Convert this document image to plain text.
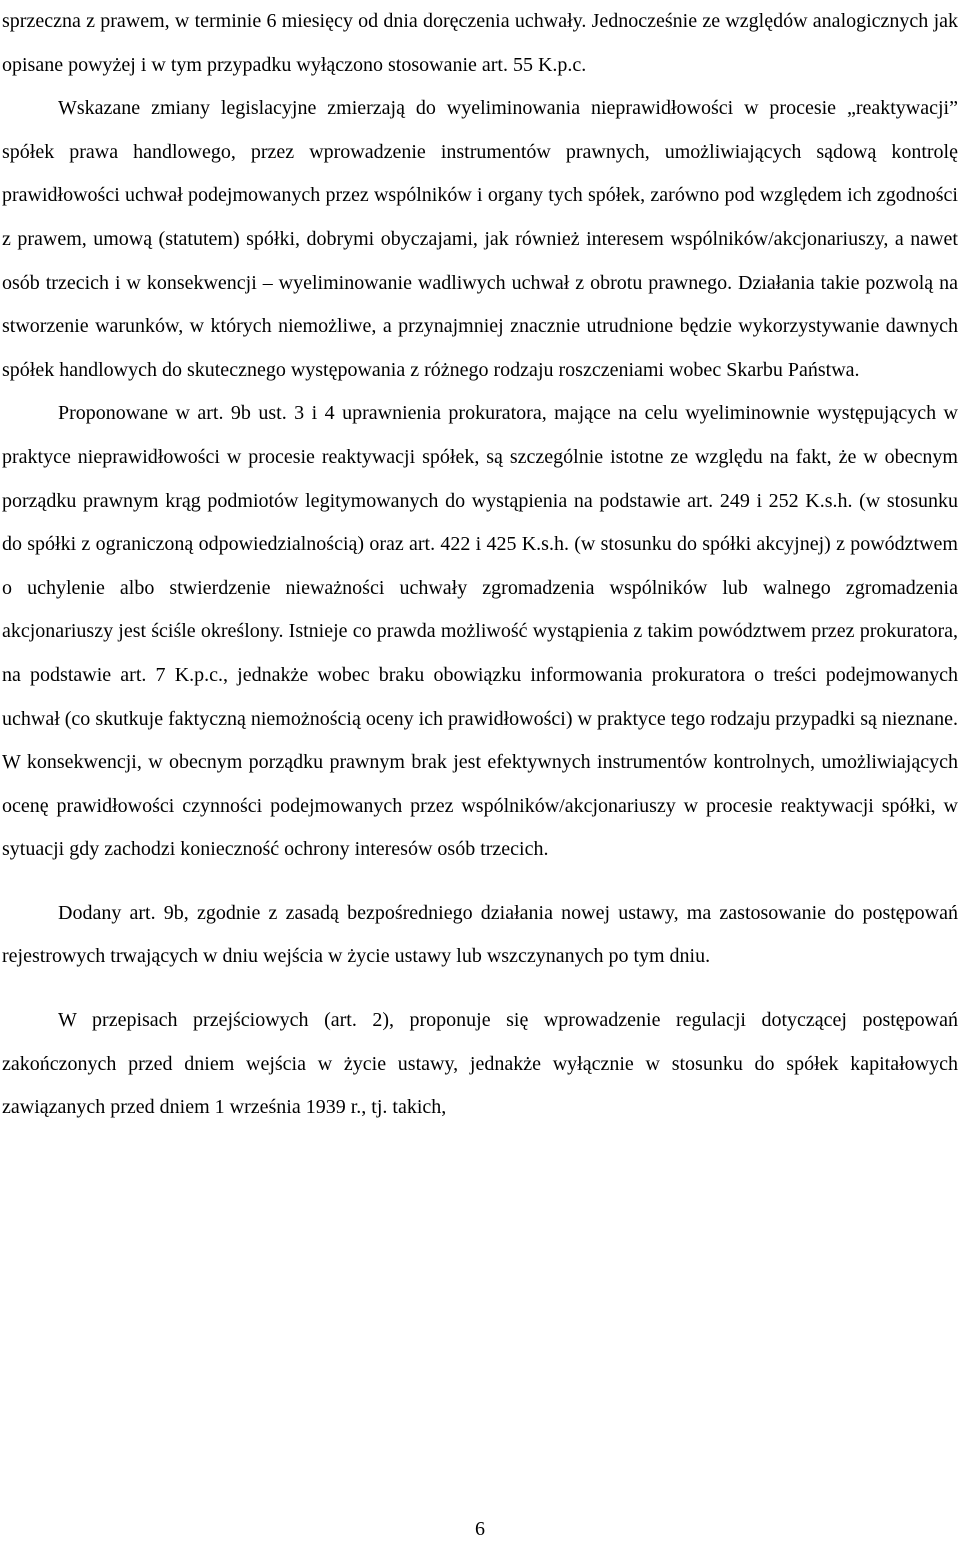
sprzeczna z prawem, w terminie 6 miesięcy od dnia doręczenia uchwały. Jednocześnie ze względów analogicznych jak opisane powyżej i w tym przypadku wyłączono stosowanie art. 55 K.p.c.

Wskazane zmiany legislacyjne zmierzają do wyeliminowania nieprawidłowości w procesie „reaktywacji” spółek prawa handlowego, przez wprowadzenie instrumentów prawnych, umożliwiających sądową kontrolę prawidłowości uchwał podejmowanych przez wspólników i organy tych spółek, zarówno pod względem ich zgodności z prawem, umową (statutem) spółki, dobrymi obyczajami, jak również interesem wspólników/akcjonariuszy, a nawet osób trzecich i w konsekwencji – wyeliminowanie wadliwych uchwał z obrotu prawnego. Działania takie pozwolą na stworzenie warunków, w których niemożliwe, a przynajmniej znacznie utrudnione będzie wykorzystywanie dawnych spółek handlowych do skutecznego występowania z różnego rodzaju roszczeniami wobec Skarbu Państwa.

Proponowane w art. 9b ust. 3 i 4 uprawnienia prokuratora, mające na celu wyeliminownie występujących w praktyce nieprawidłowości w procesie reaktywacji spółek, są szczególnie istotne ze względu na fakt, że w obecnym porządku prawnym krąg podmiotów legitymowanych do wystąpienia na podstawie art. 249 i 252 K.s.h. (w stosunku do spółki z ograniczoną odpowiedzialnością) oraz art. 422 i 425 K.s.h. (w stosunku do spółki akcyjnej) z powództwem o uchylenie albo stwierdzenie nieważności uchwały zgromadzenia wspólników lub walnego zgromadzenia akcjonariuszy jest ściśle określony. Istnieje co prawda możliwość wystąpienia z takim powództwem przez prokuratora, na podstawie art. 7 K.p.c., jednakże wobec braku obowiązku informowania prokuratora o treści podejmowanych uchwał (co skutkuje faktyczną niemożnością oceny ich prawidłowości) w praktyce tego rodzaju przypadki są nieznane. W konsekwencji, w obecnym porządku prawnym brak jest efektywnych instrumentów kontrolnych, umożliwiających ocenę prawidłowości czynności podejmowanych przez wspólników/akcjonariuszy w procesie reaktywacji spółki, w sytuacji gdy zachodzi konieczność ochrony interesów osób trzecich.

Dodany art. 9b, zgodnie z zasadą bezpośredniego działania nowej ustawy, ma zastosowanie do postępowań rejestrowych trwających w dniu wejścia w życie ustawy lub wszczynanych po tym dniu.

W przepisach przejściowych (art. 2), proponuje się wprowadzenie regulacji dotyczącej postępowań zakończonych przed dniem wejścia w życie ustawy, jednakże wyłącznie w stosunku do spółek kapitałowych zawiązanych przed dniem 1 września 1939 r., tj. takich,

6
